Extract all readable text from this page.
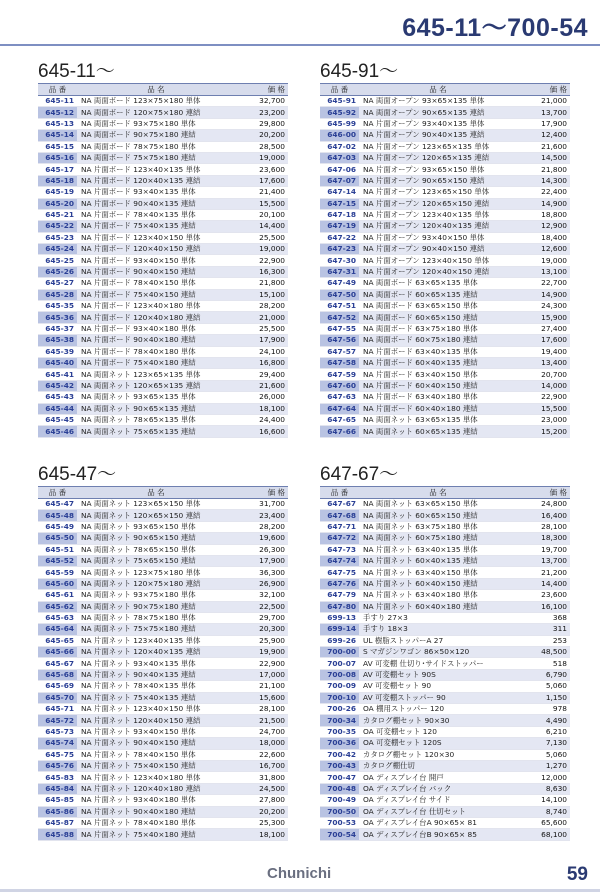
645-11～700-54
645-11～
品 番	品 名	価 格
645-11	NA 両面ボード 123×75×180 単体	32,700
645-12	NA 両面ボード 120×75×180 連結	23,200
645-13	NA 両面ボード 93×75×180 単体	29,800
645-14	NA 両面ボード 90×75×180 連結	20,200
645-15	NA 両面ボード 78×75×180 単体	28,500
645-16	NA 両面ボード 75×75×180 連結	19,000
645-17	NA 片面ボード 123×40×135 単体	23,600
645-18	NA 片面ボード 120×40×135 連結	17,600
645-19	NA 片面ボード 93×40×135 単体	21,400
645-20	NA 片面ボード 90×40×135 連結	15,500
645-21	NA 片面ボード 78×40×135 単体	20,100
645-22	NA 片面ボード 75×40×135 連結	14,400
645-23	NA 片面ボード 123×40×150 単体	25,500
645-24	NA 片面ボード 120×40×150 連結	19,000
645-25	NA 片面ボード 93×40×150 単体	22,900
645-26	NA 片面ボード 90×40×150 連結	16,300
645-27	NA 片面ボード 78×40×150 単体	21,800
645-28	NA 片面ボード 75×40×150 連結	15,100
645-35	NA 片面ボード 123×40×180 単体	28,200
645-36	NA 片面ボード 120×40×180 連結	21,000
645-37	NA 片面ボード 93×40×180 単体	25,500
645-38	NA 片面ボード 90×40×180 連結	17,900
645-39	NA 片面ボード 78×40×180 単体	24,100
645-40	NA 片面ボード 75×40×180 連結	16,800
645-41	NA 両面ネット 123×65×135 単体	29,400
645-42	NA 両面ネット 120×65×135 連結	21,600
645-43	NA 両面ネット 93×65×135 単体	26,000
645-44	NA 両面ネット 90×65×135 連結	18,100
645-45	NA 両面ネット 78×65×135 単体	24,400
645-46	NA 両面ネット 75×65×135 連結	16,600
645-91～
品 番	品 名	価 格
645-91	NA 両面オープン 93×65×135 単体	21,000
645-92	NA 両面オープン 90×65×135 連結	13,700
645-99	NA 片面オープン 93×40×135 単体	17,900
646-00	NA 片面オープン 90×40×135 連結	12,400
647-02	NA 片面オープン 123×65×135 単体	21,600
647-03	NA 片面オープン 120×65×135 連結	14,500
647-06	NA 片面オープン 93×65×150 単体	21,800
647-07	NA 片面オープン 90×65×150 連結	14,300
647-14	NA 片面オープン 123×65×150 単体	22,400
647-15	NA 片面オープン 120×65×150 連結	14,900
647-18	NA 片面オープン 123×40×135 単体	18,800
647-19	NA 片面オープン 120×40×135 連結	12,900
647-22	NA 片面オープン 93×40×150 単体	18,400
647-23	NA 片面オープン 90×40×150 連結	12,600
647-30	NA 片面オープン 123×40×150 単体	19,000
647-31	NA 片面オープン 120×40×150 連結	13,100
647-49	NA 両面ボード 63×65×135 単体	22,700
647-50	NA 両面ボード 60×65×135 連結	14,900
647-51	NA 両面ボード 63×65×150 単体	24,300
647-52	NA 両面ボード 60×65×150 連結	15,900
647-55	NA 両面ボード 63×75×180 単体	27,400
647-56	NA 両面ボード 60×75×180 連結	17,600
647-57	NA 片面ボード 63×40×135 単体	19,400
647-58	NA 片面ボード 60×40×135 連結	13,400
647-59	NA 片面ボード 63×40×150 単体	20,700
647-60	NA 片面ボード 60×40×150 連結	14,000
647-63	NA 片面ボード 63×40×180 単体	22,900
647-64	NA 片面ボード 60×40×180 連結	15,500
647-65	NA 両面ネット 63×65×135 単体	23,000
647-66	NA 両面ネット 60×65×135 連結	15,200
645-47～
品 番	品 名	価 格
645-47	NA 両面ネット 123×65×150 単体	31,700
645-48	NA 両面ネット 120×65×150 連結	23,400
645-49	NA 両面ネット 93×65×150 単体	28,200
645-50	NA 両面ネット 90×65×150 連結	19,600
645-51	NA 両面ネット 78×65×150 単体	26,300
645-52	NA 両面ネット 75×65×150 連結	17,900
645-59	NA 両面ネット 123×75×180 単体	36,300
645-60	NA 両面ネット 120×75×180 連結	26,900
645-61	NA 両面ネット 93×75×180 単体	32,100
645-62	NA 両面ネット 90×75×180 連結	22,500
645-63	NA 両面ネット 78×75×180 単体	29,700
645-64	NA 両面ネット 75×75×180 連結	20,300
645-65	NA 片面ネット 123×40×135 単体	25,900
645-66	NA 片面ネット 120×40×135 連結	19,900
645-67	NA 片面ネット 93×40×135 単体	22,900
645-68	NA 片面ネット 90×40×135 連結	17,000
645-69	NA 片面ネット 78×40×135 単体	21,100
645-70	NA 片面ネット 75×40×135 連結	15,600
645-71	NA 片面ネット 123×40×150 単体	28,100
645-72	NA 片面ネット 120×40×150 連結	21,500
645-73	NA 片面ネット 93×40×150 単体	24,700
645-74	NA 片面ネット 90×40×150 連結	18,000
645-75	NA 片面ネット 78×40×150 単体	22,600
645-76	NA 片面ネット 75×40×150 連結	16,700
645-83	NA 片面ネット 123×40×180 単体	31,800
645-84	NA 片面ネット 120×40×180 連結	24,500
645-85	NA 片面ネット 93×40×180 単体	27,800
645-86	NA 片面ネット 90×40×180 連結	20,200
645-87	NA 片面ネット 78×40×180 単体	25,300
645-88	NA 片面ネット 75×40×180 連結	18,100
647-67～
品 番	品 名	価 格
647-67	NA 両面ネット 63×65×150 単体	24,800
647-68	NA 両面ネット 60×65×150 連結	16,400
647-71	NA 両面ネット 63×75×180 単体	28,100
647-72	NA 両面ネット 60×75×180 連結	18,300
647-73	NA 片面ネット 63×40×135 単体	19,700
647-74	NA 片面ネット 60×40×135 連結	13,700
647-75	NA 片面ネット 63×40×150 単体	21,200
647-76	NA 片面ネット 60×40×150 連結	14,400
647-79	NA 片面ネット 63×40×180 単体	23,600
647-80	NA 片面ネット 60×40×180 連結	16,100
699-13	手すり 27×3	368
699-14	手すり 18×3	311
699-26	UL 樹脂ストッパーA 27	253
700-00	S マガジンワゴン 86×50×120	48,500
700-07	AV 可変棚 仕切り･サイドストッパー	518
700-08	AV 可変棚セット 90S	6,790
700-09	AV 可変棚セット 90	5,060
700-10	AV 可変棚ストッパー 90	1,150
700-26	OA 棚用ストッパー 120	978
700-34	カタログ棚セット 90×30	4,490
700-35	OA 可変棚セット 120	6,210
700-36	OA 可変棚セット 120S	7,130
700-42	カタログ棚セット 120×30	5,060
700-43	カタログ棚仕切	1,270
700-47	OA ディスプレイ台 開戸	12,000
700-48	OA ディスプレイ台 バック	8,630
700-49	OA ディスプレイ台 サイド	14,100
700-50	OA ディスプレイ台 仕切セット	8,740
700-53	OA ディスプレイ台A 90×65× 81	65,600
700-54	OA ディスプレイ台B 90×65× 85	68,100
Chunichi	59
